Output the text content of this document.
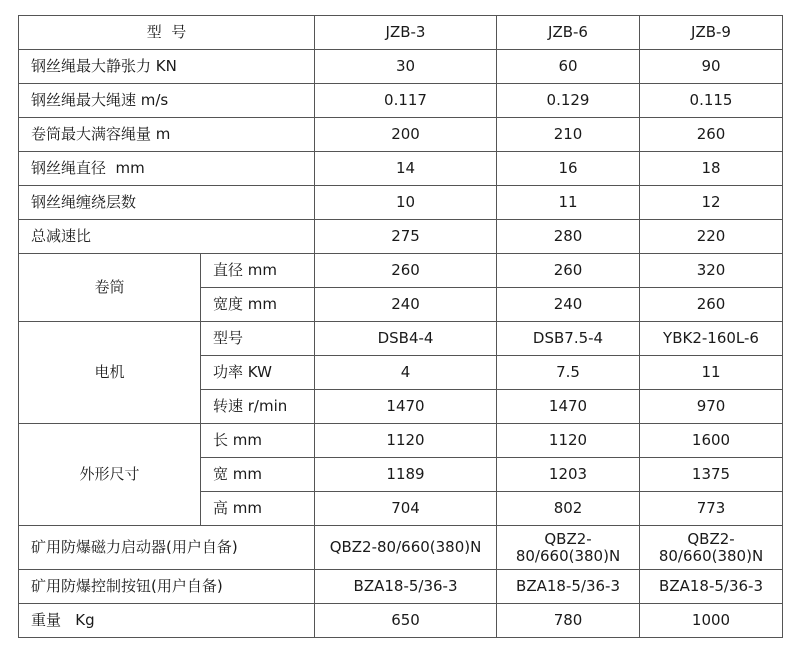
型  号		JZB-3	JZB-6	JZB-9
钢丝绳最大静张力 KN		30	60	90
钢丝绳最大绳速 m/s		0.117	0.129	0.115
卷筒最大满容绳量 m		200	210	260
钢丝绳直径  mm		14	16	18
钢丝绳缠绕层数		10	11	12
总减速比		275	280	220
卷筒	直径 mm	260	260	320
	宽度 mm	240	240	260
电机	型号	DSB4-4	DSB7.5-4	YBK2-160L-6
	功率 KW	4	7.5	11
	转速 r/min	1470	1470	970
外形尺寸	长 mm	1120	1120	1600
	宽 mm	1189	1203	1375
	高 mm	704	802	773
矿用防爆磁力启动器(用户自备)		QBZ2-80/660(380)N	QBZ2-80/660(380)N	QBZ2-80/660(380)N
矿用防爆控制按钮(用户自备)		BZA18-5/36-3	BZA18-5/36-3	BZA18-5/36-3
重量   Kg		650	780	1000
